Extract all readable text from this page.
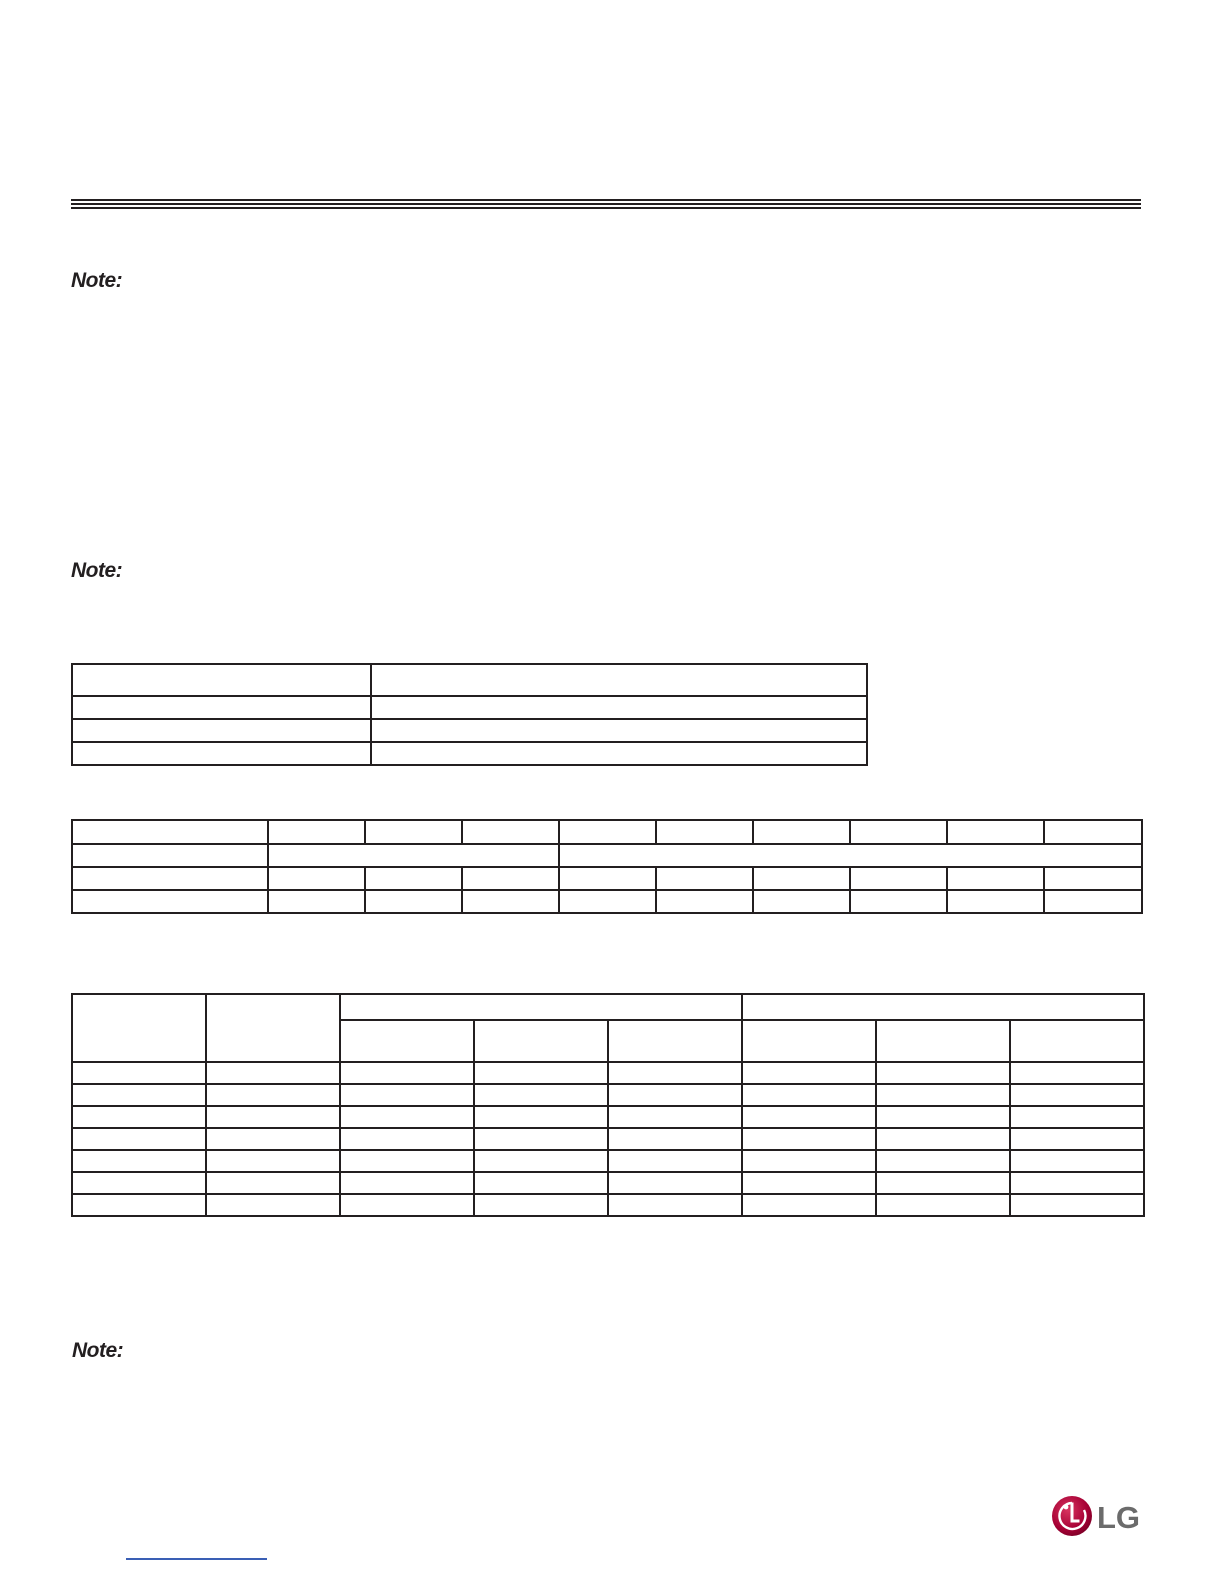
Note:

Note:

Note:

LG
